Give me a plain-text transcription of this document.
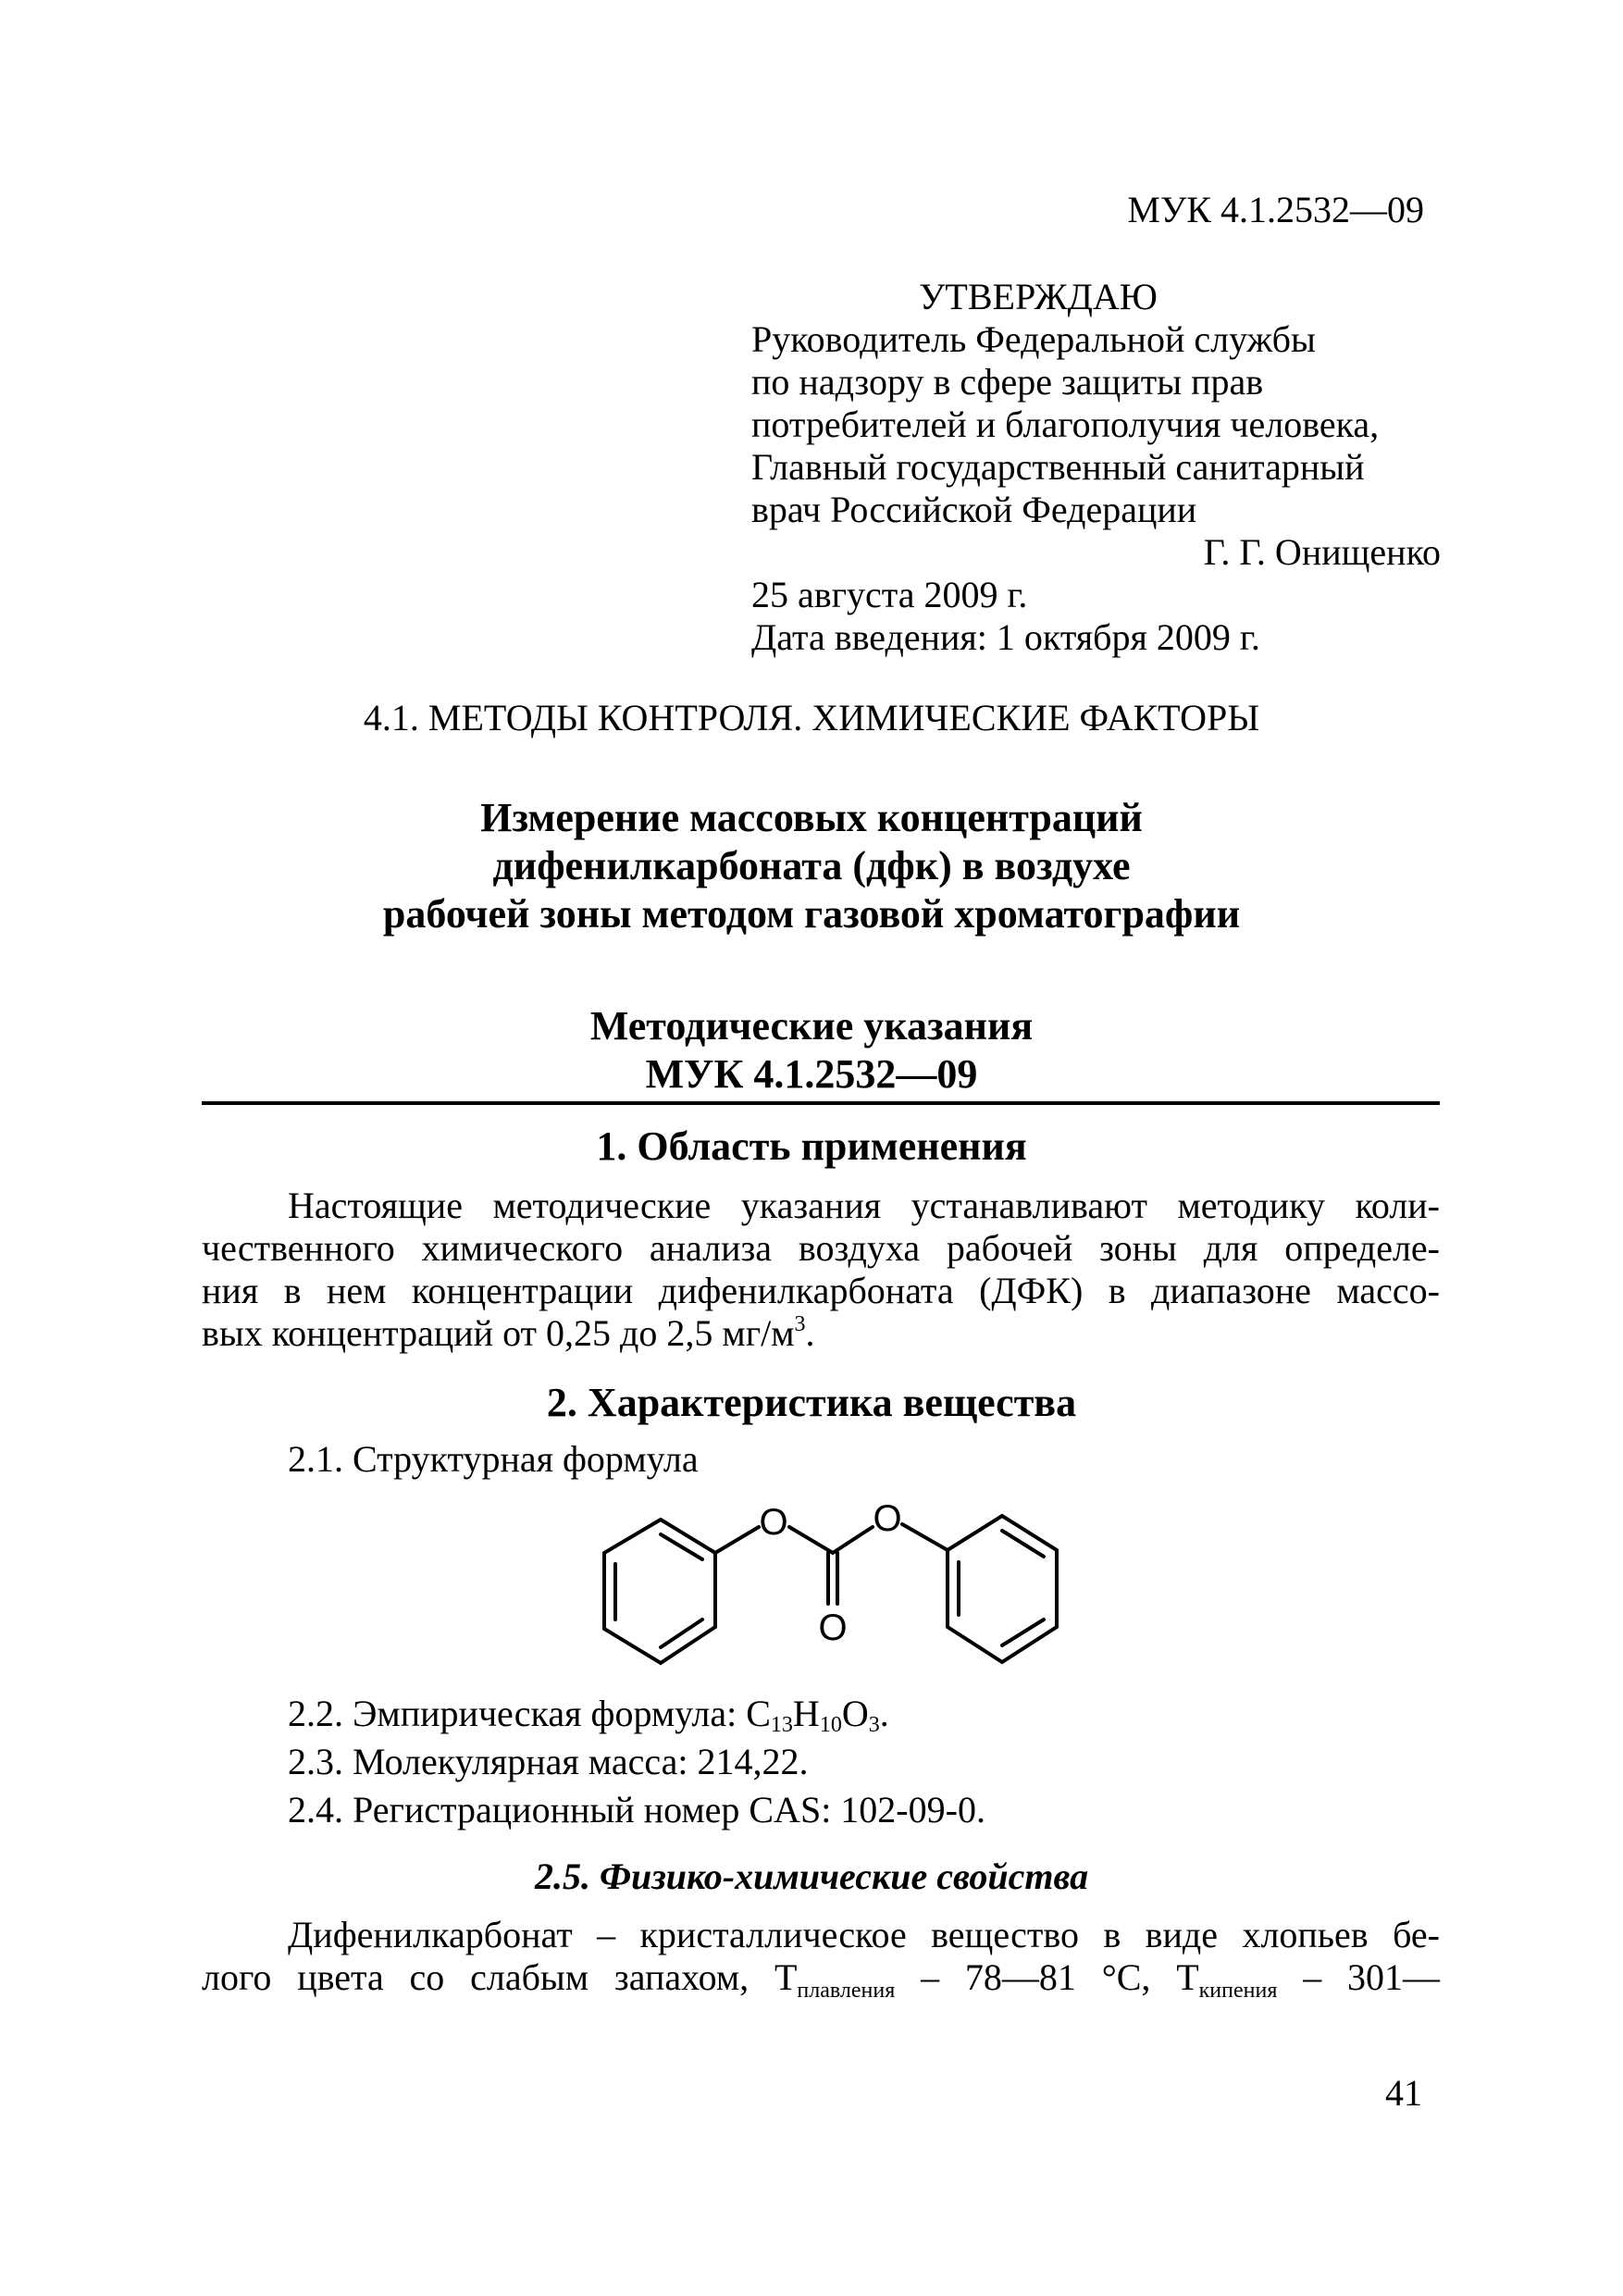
МУК 4.1.2532—09
УТВЕРЖДАЮ
Руководитель Федеральной службы
по надзору в сфере защиты прав
потребителей и благополучия человека,
Главный государственный санитарный
врач Российской Федерации
Г. Г. Онищенко
25 августа 2009 г.
Дата введения: 1 октября 2009 г.
4.1. МЕТОДЫ КОНТРОЛЯ. ХИМИЧЕСКИЕ ФАКТОРЫ
Измерение массовых концентраций
дифенилкарбоната (дфк) в воздухе
рабочей зоны методом газовой хроматографии
Методические указания
МУК 4.1.2532—09
1. Область применения
Настоящие методические указания устанавливают методику коли-
чественного химического анализа воздуха рабочей зоны для определе-
ния в нем концентрации дифенилкарбоната (ДФК) в диапазоне массо-
вых концентраций от 0,25 до 2,5 $мг/м^3$.
2. Характеристика вещества
2.1. Структурная формула
O O
O
2.2. Эмпирическая формула: $C_{13}H_{10}O_3$.
2.3. Молекулярная масса: 214,22.
2.4. Регистрационный номер CAS: 102-09-0.
2.5. Физико-химические свойства
Дифенилкарбонат – кристаллическое вещество в виде хлопьев бе-
лого цвета со слабым запахом, $Т_{плавления}$ – 78—81 °С, $Т_{кипения}$ – 301—
41
